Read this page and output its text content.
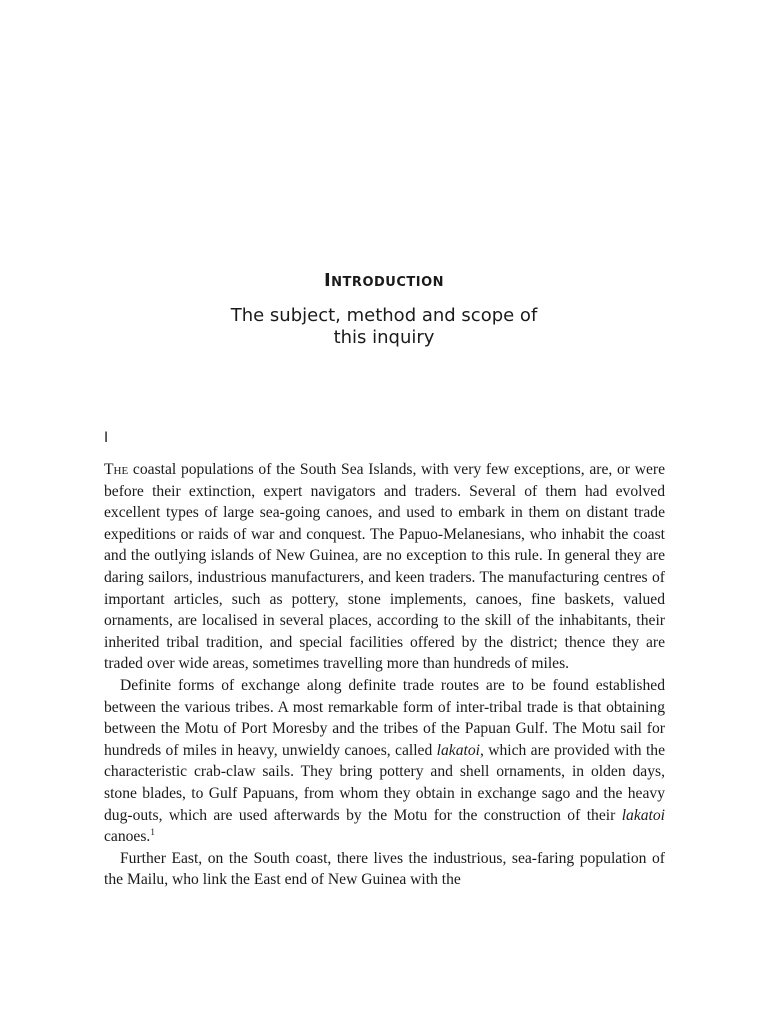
Introduction
The subject, method and scope of
this inquiry
I

The coastal populations of the South Sea Islands, with very few exceptions, are, or were before their extinction, expert navigators and traders. Several of them had evolved excellent types of large sea-going canoes, and used to embark in them on distant trade expeditions or raids of war and conquest. The Papuo-Melanesians, who inhabit the coast and the outlying islands of New Guinea, are no exception to this rule. In general they are daring sailors, industrious manufacturers, and keen traders. The manufacturing centres of important articles, such as pottery, stone implements, canoes, fine baskets, valued ornaments, are localised in several places, according to the skill of the inhabitants, their inherited tribal tradition, and special facilities offered by the district; thence they are traded over wide areas, sometimes travelling more than hundreds of miles.

Definite forms of exchange along definite trade routes are to be found established between the various tribes. A most remarkable form of inter-tribal trade is that obtaining between the Motu of Port Moresby and the tribes of the Papuan Gulf. The Motu sail for hundreds of miles in heavy, unwieldy canoes, called lakatoi, which are provided with the characteristic crab-claw sails. They bring pottery and shell ornaments, in olden days, stone blades, to Gulf Papuans, from whom they obtain in exchange sago and the heavy dug-outs, which are used afterwards by the Motu for the construction of their lakatoi canoes.$^1$

Further East, on the South coast, there lives the industrious, sea-faring population of the Mailu, who link the East end of New Guinea with the
